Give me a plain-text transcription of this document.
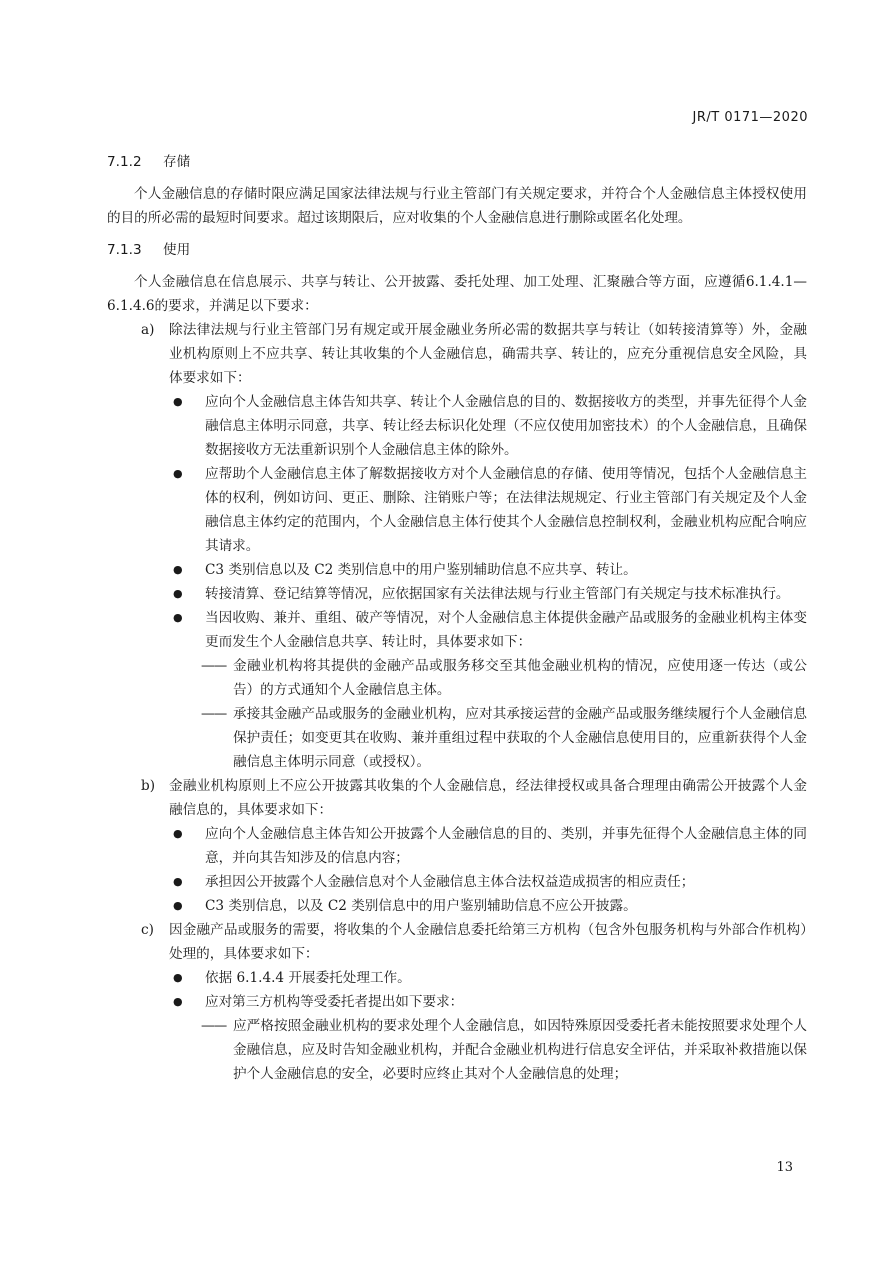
JR/T 0171—2020
7.1.2 存储

个人金融信息的存储时限应满足国家法律法规与行业主管部门有关规定要求，并符合个人金融信息主体授权使用的目的所必需的最短时间要求。超过该期限后，应对收集的个人金融信息进行删除或匿名化处理。

7.1.3 使用

个人金融信息在信息展示、共享与转让、公开披露、委托处理、加工处理、汇聚融合等方面，应遵循6.1.4.1—6.1.4.6的要求，并满足以下要求：

a) 除法律法规与行业主管部门另有规定或开展金融业务所必需的数据共享与转让（如转接清算等）外，金融业机构原则上不应共享、转让其收集的个人金融信息，确需共享、转让的，应充分重视信息安全风险，具体要求如下：

● 应向个人金融信息主体告知共享、转让个人金融信息的目的、数据接收方的类型，并事先征得个人金融信息主体明示同意，共享、转让经去标识化处理（不应仅使用加密技术）的个人金融信息，且确保数据接收方无法重新识别个人金融信息主体的除外。

● 应帮助个人金融信息主体了解数据接收方对个人金融信息的存储、使用等情况，包括个人金融信息主体的权利，例如访问、更正、删除、注销账户等；在法律法规规定、行业主管部门有关规定及个人金融信息主体约定的范围内，个人金融信息主体行使其个人金融信息控制权利，金融业机构应配合响应其请求。

● C3 类别信息以及 C2 类别信息中的用户鉴别辅助信息不应共享、转让。

● 转接清算、登记结算等情况，应依据国家有关法律法规与行业主管部门有关规定与技术标准执行。

● 当因收购、兼并、重组、破产等情况，对个人金融信息主体提供金融产品或服务的金融业机构主体变更而发生个人金融信息共享、转让时，具体要求如下：

—— 金融业机构将其提供的金融产品或服务移交至其他金融业机构的情况，应使用逐一传达（或公告）的方式通知个人金融信息主体。

—— 承接其金融产品或服务的金融业机构，应对其承接运营的金融产品或服务继续履行个人金融信息保护责任；如变更其在收购、兼并重组过程中获取的个人金融信息使用目的，应重新获得个人金融信息主体明示同意（或授权）。

b) 金融业机构原则上不应公开披露其收集的个人金融信息，经法律授权或具备合理理由确需公开披露个人金融信息的，具体要求如下：

● 应向个人金融信息主体告知公开披露个人金融信息的目的、类别，并事先征得个人金融信息主体的同意，并向其告知涉及的信息内容；

● 承担因公开披露个人金融信息对个人金融信息主体合法权益造成损害的相应责任；

● C3 类别信息，以及 C2 类别信息中的用户鉴别辅助信息不应公开披露。

c) 因金融产品或服务的需要，将收集的个人金融信息委托给第三方机构（包含外包服务机构与外部合作机构）处理的，具体要求如下：

● 依据 6.1.4.4 开展委托处理工作。

● 应对第三方机构等受委托者提出如下要求：

—— 应严格按照金融业机构的要求处理个人金融信息，如因特殊原因受委托者未能按照要求处理个人金融信息，应及时告知金融业机构，并配合金融业机构进行信息安全评估，并采取补救措施以保护个人金融信息的安全，必要时应终止其对个人金融信息的处理；

13
